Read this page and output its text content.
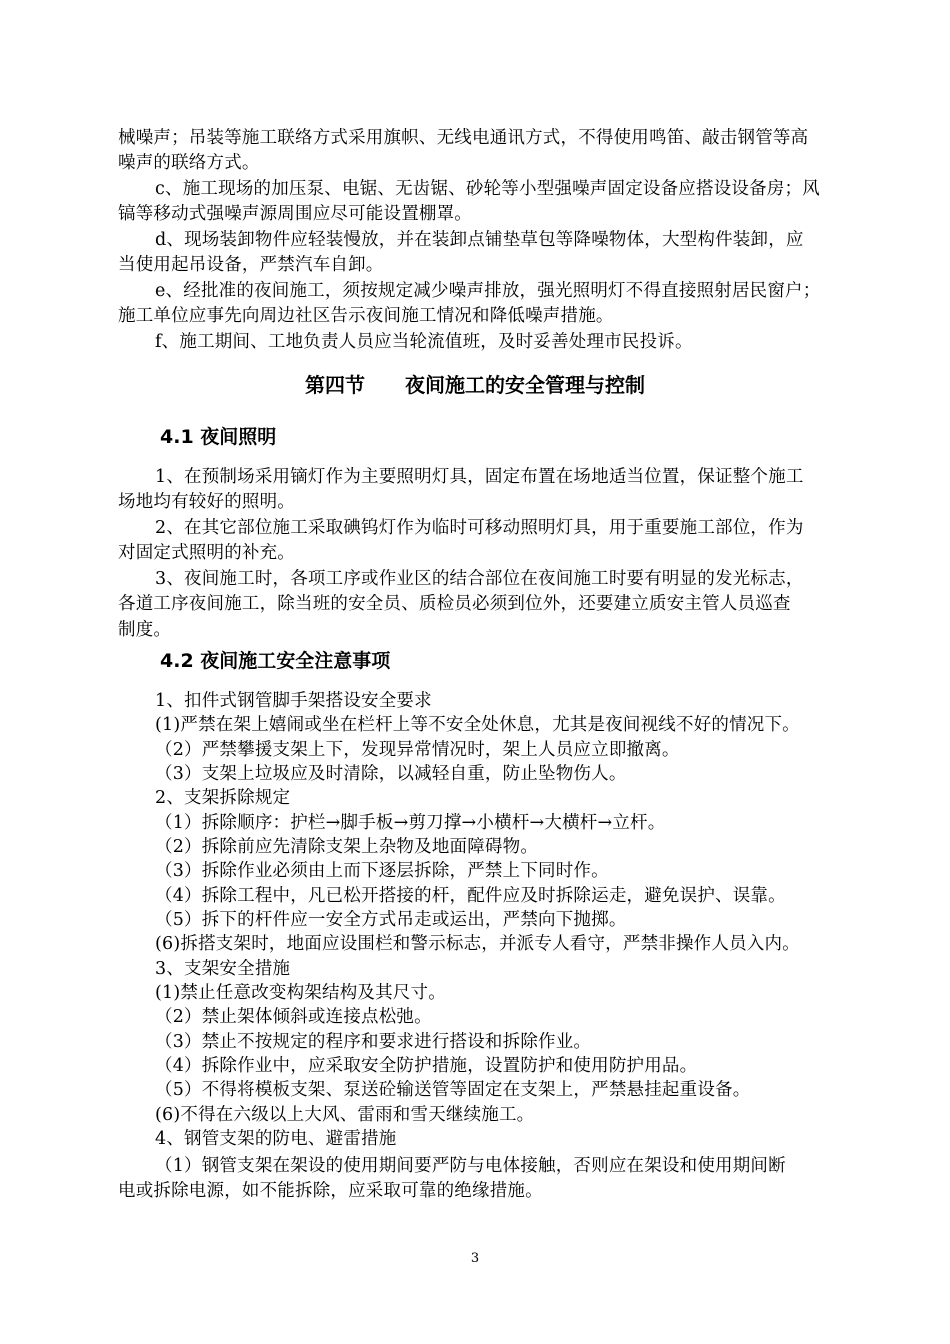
械噪声；吊装等施工联络方式采用旗帜、无线电通讯方式，不得使用鸣笛、敲击钢管等高
噪声的联络方式。
c、施工现场的加压泵、电锯、无齿锯、砂轮等小型强噪声固定设备应搭设设备房；风
镐等移动式强噪声源周围应尽可能设置棚罩。
d、现场装卸物件应轻装慢放，并在装卸点铺垫草包等降噪物体，大型构件装卸，应
当使用起吊设备，严禁汽车自卸。
e、经批准的夜间施工，须按规定减少噪声排放，强光照明灯不得直接照射居民窗户；
施工单位应事先向周边社区告示夜间施工情况和降低噪声措施。
f、施工期间、工地负责人员应当轮流值班，及时妥善处理市民投诉。
第四节 夜间施工的安全管理与控制
4.1 夜间照明
1、在预制场采用镝灯作为主要照明灯具，固定布置在场地适当位置，保证整个施工
场地均有较好的照明。
2、在其它部位施工采取碘钨灯作为临时可移动照明灯具，用于重要施工部位，作为
对固定式照明的补充。
3、夜间施工时，各项工序或作业区的结合部位在夜间施工时要有明显的发光标志，
各道工序夜间施工，除当班的安全员、质检员必须到位外，还要建立质安主管人员巡查
制度。
4.2 夜间施工安全注意事项
1、扣件式钢管脚手架搭设安全要求
(1)严禁在架上嬉闹或坐在栏杆上等不安全处休息，尤其是夜间视线不好的情况下。
（2）严禁攀援支架上下，发现异常情况时，架上人员应立即撤离。
（3）支架上垃圾应及时清除，以减轻自重，防止坠物伤人。
2、支架拆除规定
（1）拆除顺序：护栏→脚手板→剪刀撑→小横杆→大横杆→立杆。
（2）拆除前应先清除支架上杂物及地面障碍物。
（3）拆除作业必须由上而下逐层拆除，严禁上下同时作。
（4）拆除工程中，凡已松开搭接的杆，配件应及时拆除运走，避免误护、误靠。
（5）拆下的杆件应一安全方式吊走或运出，严禁向下抛掷。
(6)拆搭支架时，地面应设围栏和警示标志，并派专人看守，严禁非操作人员入内。
3、支架安全措施
(1)禁止任意改变构架结构及其尺寸。
（2）禁止架体倾斜或连接点松弛。
（3）禁止不按规定的程序和要求进行搭设和拆除作业。
（4）拆除作业中，应采取安全防护措施，设置防护和使用防护用品。
（5）不得将模板支架、泵送砼输送管等固定在支架上，严禁悬挂起重设备。
(6)不得在六级以上大风、雷雨和雪天继续施工。
4、钢管支架的防电、避雷措施
（1）钢管支架在架设的使用期间要严防与电体接触，否则应在架设和使用期间断
电或拆除电源，如不能拆除，应采取可靠的绝缘措施。
3
